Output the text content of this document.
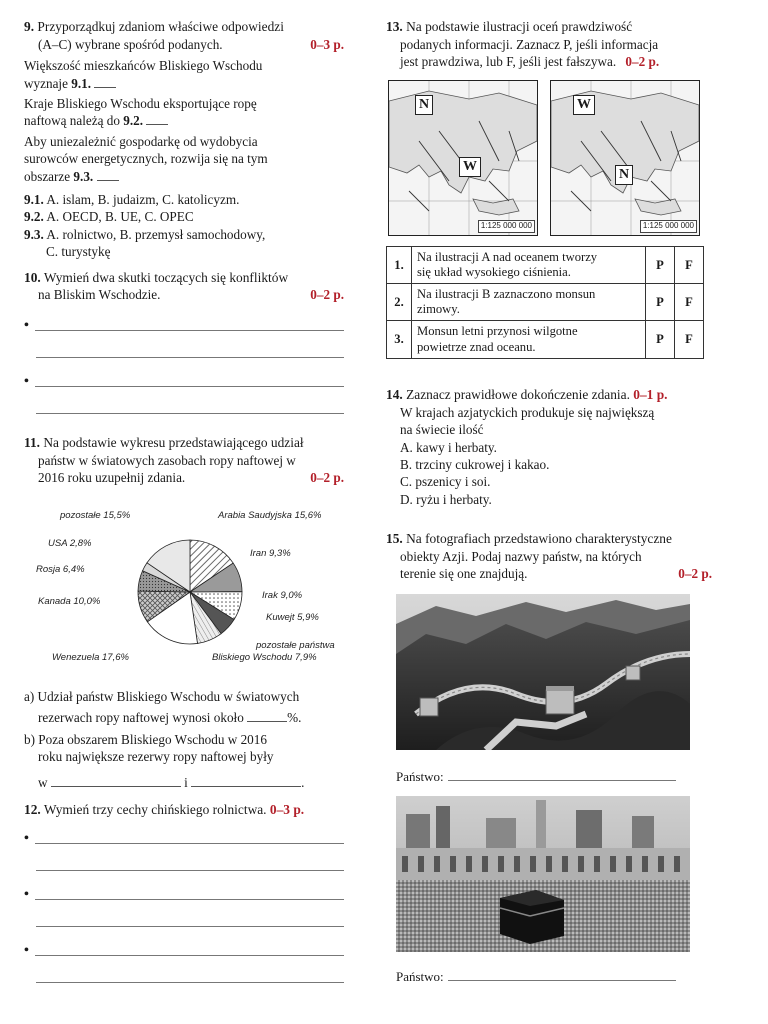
9. Przyporządkuj zdaniom właściwe odpowiedzi
(A–C) wybrane spośród podanych.	0–3 p.
Większość mieszkańców Bliskiego Wschodu
wyznaje 9.1.
Kraje Bliskiego Wschodu eksportujące ropę
naftową należą do 9.2.
Aby uniezależnić gospodarkę od wydobycia
surowców energetycznych, rozwija się na tym
obszarze 9.3.
9.1. A. islam, B. judaizm, C. katolicyzm.
9.2. A. OECD, B. UE, C. OPEC
9.3. A. rolnictwo, B. przemysł samochodowy,
C. turystykę
10. Wymień dwa skutki toczących się konfliktów
na Bliskim Wschodzie.	0–2 p.
•
•
11. Na podstawie wykresu przedstawiającego udział
państw w światowych zasobach ropy naftowej w
2016 roku uzupełnij zdania.	0–2 p.
pozostałe 15,5%	Arabia Saudyjska 15,6%
USA 2,8%
Iran 9,3%
Rosja 6,4%
Irak 9,0%
Kanada 10,0%
Kuwejt 5,9%
pozostałe państwa
Bliskiego Wschodu 7,9%
Wenezuela 17,6%
a) Udział państw Bliskiego Wschodu w światowych
rezerwach ropy naftowej wynosi około	%.
b) Poza obszarem Bliskiego Wschodu w 2016
roku największe rezerwy ropy naftowej były
w	i	.
12. Wymień trzy cechy chińskiego rolnictwa. 0–3 p.
•
•
•
13. Na podstawie ilustracji oceń prawdziwość
podanych informacji. Zaznacz P, jeśli informacja
jest prawdziwa, lub F, jeśli jest fałszywa. 0–2 p.
N
W
1:125 000 000
W
N
1:125 000 000
1.	Na ilustracji A nad oceanem tworzy
się układ wysokiego ciśnienia.	P	F
2.	Na ilustracji B zaznaczono monsun
zimowy.	P	F
3.	Monsun letni przynosi wilgotne
powietrze znad oceanu.	P	F
14. Zaznacz prawidłowe dokończenie zdania. 0–1 p.
W krajach azjatyckich produkuje się największą
na świecie ilość
A. kawy i herbaty.
B. trzciny cukrowej i kakao.
C. pszenicy i soi.
D. ryżu i herbaty.
15. Na fotografiach przedstawiono charakterystyczne
obiekty Azji. Podaj nazwy państw, na których
terenie się one znajdują.	0–2 p.
Państwo:
Państwo:
